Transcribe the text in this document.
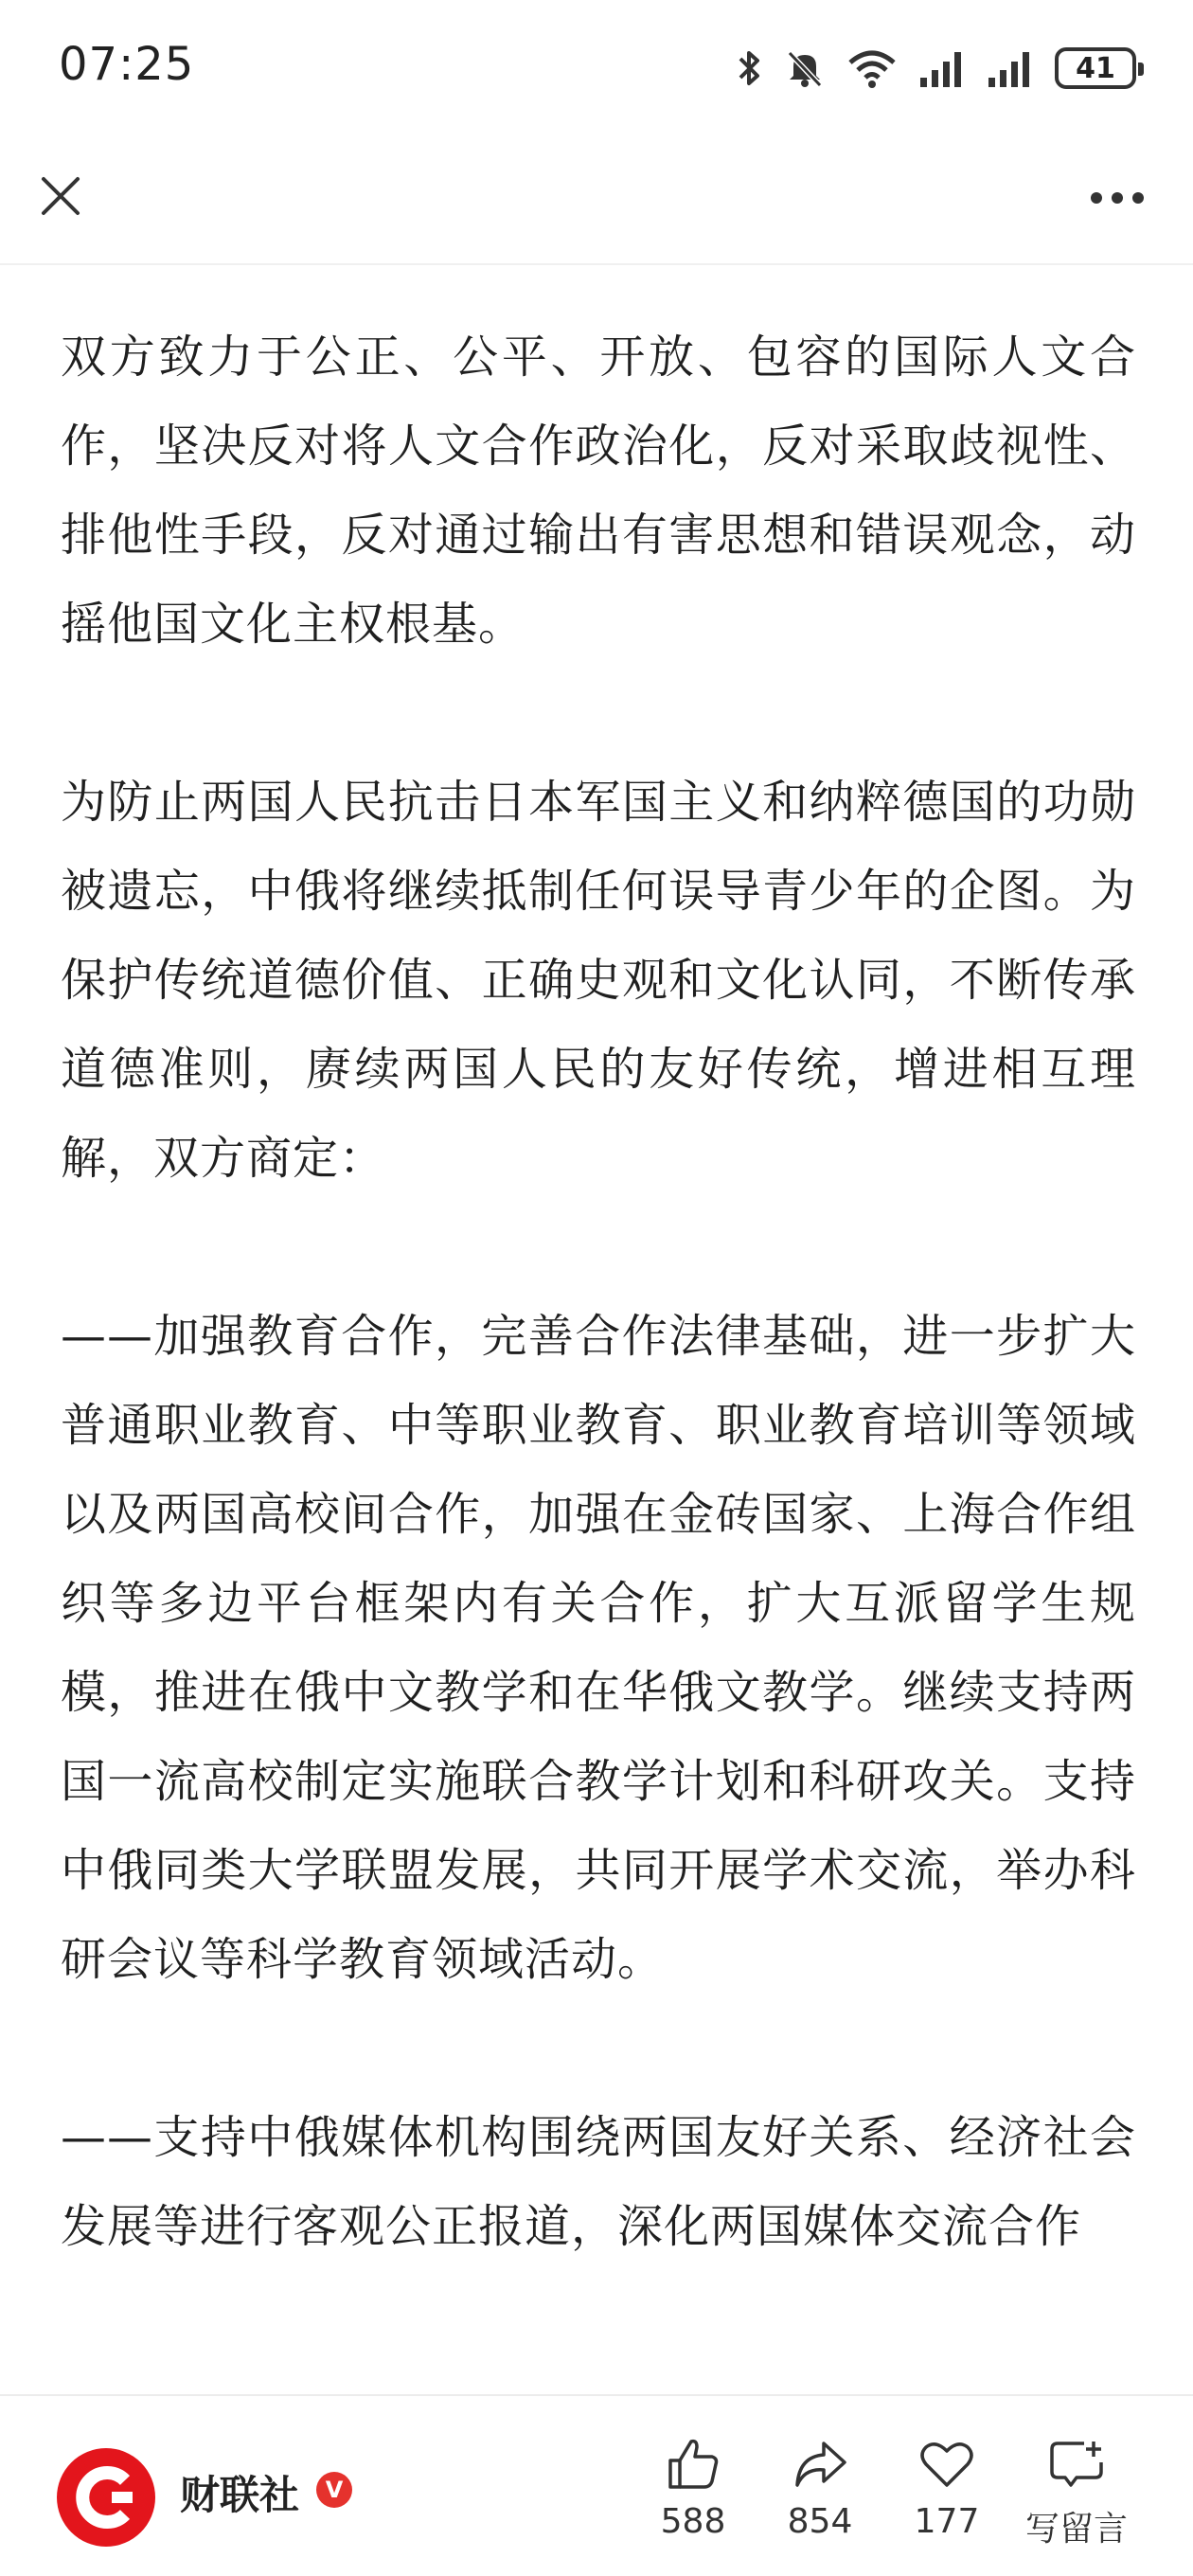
07:25	41

双方致力于公正、公平、开放、包容的国际人文合作，坚决反对将人文合作政治化，反对采取歧视性、排他性手段，反对通过输出有害思想和错误观念，动摇他国文化主权根基。

为防止两国人民抗击日本军国主义和纳粹德国的功勋被遗忘，中俄将继续抵制任何误导青少年的企图。为保护传统道德价值、正确史观和文化认同，不断传承道德准则，赓续两国人民的友好传统，增进相互理解，双方商定：

——加强教育合作，完善合作法律基础，进一步扩大普通职业教育、中等职业教育、职业教育培训等领域以及两国高校间合作，加强在金砖国家、上海合作组织等多边平台框架内有关合作，扩大互派留学生规模，推进在俄中文教学和在华俄文教学。继续支持两国一流高校制定实施联合教学计划和科研攻关。支持中俄同类大学联盟发展，共同开展学术交流，举办科研会议等科学教育领域活动。

——支持中俄媒体机构围绕两国友好关系、经济社会发展等进行客观公正报道，深化两国媒体交流合作

财联社	V
588 854 177 写留言
